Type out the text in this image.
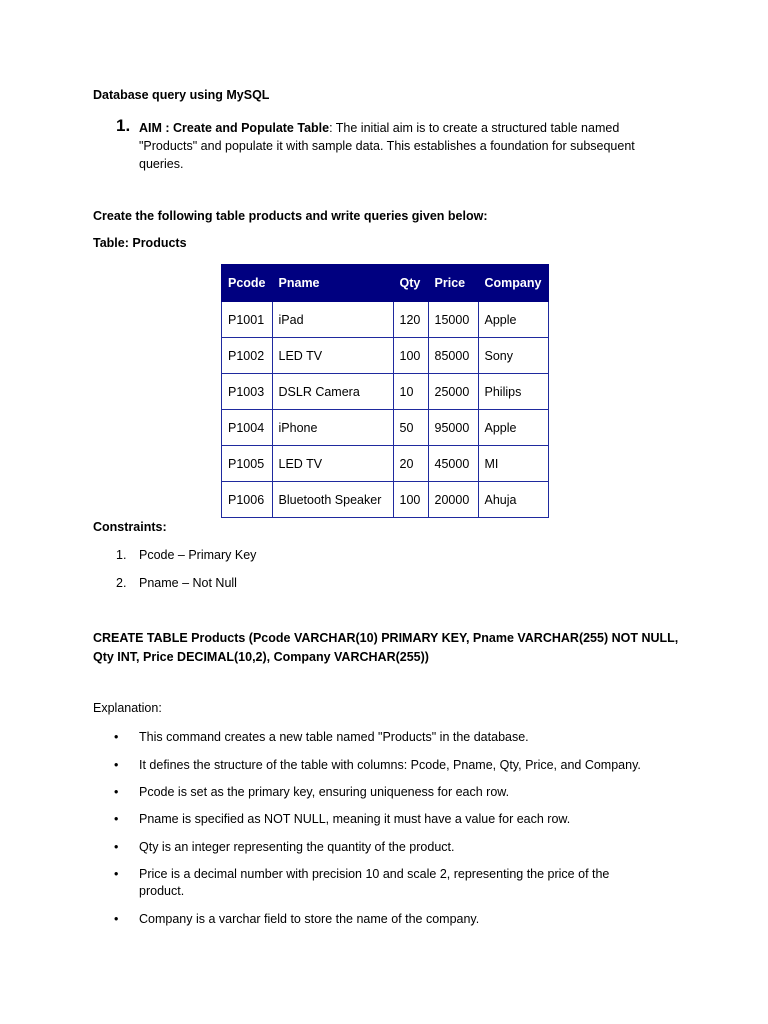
Database query using MySQL
1. AIM : Create and Populate Table: The initial aim is to create a structured table named "Products" and populate it with sample data. This establishes a foundation for subsequent queries.
Create the following table products and write queries given below:
Table: Products
Pcode	Pname	Qty	Price	Company
P1001	iPad	120	15000	Apple
P1002	LED TV	100	85000	Sony
P1003	DSLR Camera	10	25000	Philips
P1004	iPhone	50	95000	Apple
P1005	LED TV	20	45000	MI
P1006	Bluetooth Speaker	100	20000	Ahuja
Constraints:
1. Pcode – Primary Key
2. Pname – Not Null
CREATE TABLE Products (Pcode VARCHAR(10) PRIMARY KEY, Pname VARCHAR(255) NOT NULL, Qty INT, Price DECIMAL(10,2), Company VARCHAR(255))
Explanation:
•	This command creates a new table named "Products" in the database.
•	It defines the structure of the table with columns: Pcode, Pname, Qty, Price, and Company.
•	Pcode is set as the primary key, ensuring uniqueness for each row.
•	Pname is specified as NOT NULL, meaning it must have a value for each row.
•	Qty is an integer representing the quantity of the product.
•	Price is a decimal number with precision 10 and scale 2, representing the price of the product.
•	Company is a varchar field to store the name of the company.
